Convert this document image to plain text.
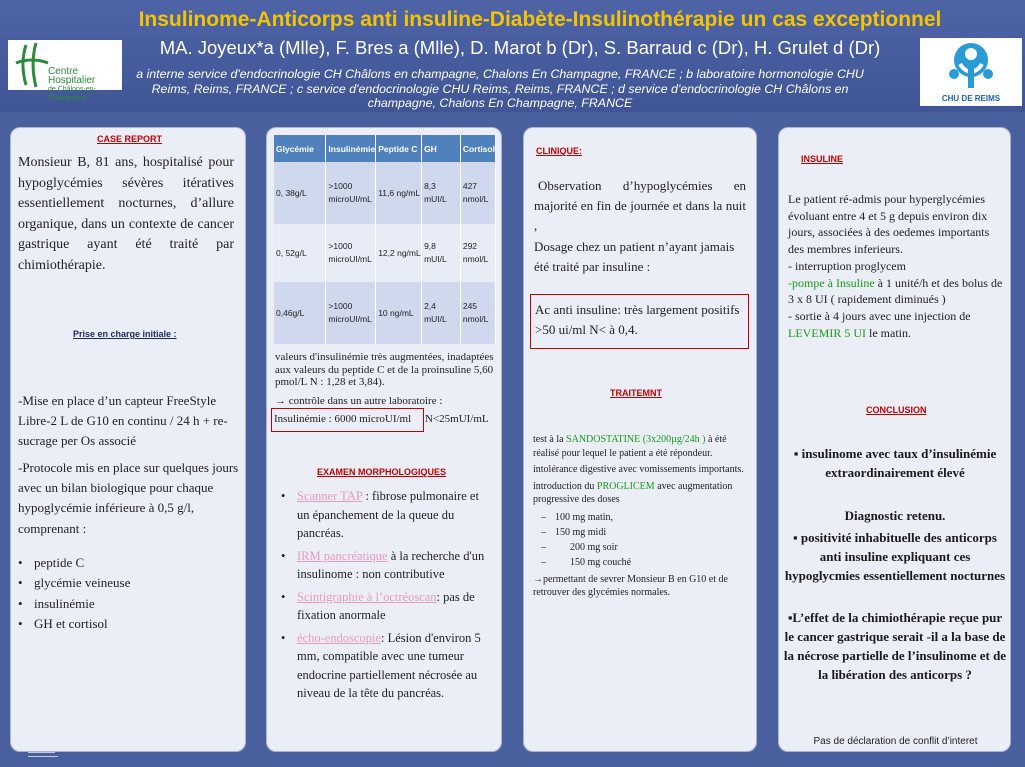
Insulinome-Anticorps anti insuline-Diabète-Insulinothérapie un cas exceptionnel
MA. Joyeux*a (Mlle), F. Bres a (Mlle), D. Marot b (Dr), S. Barraud c (Dr), H. Grulet d (Dr)
a interne service d'endocrinologie CH Châlons en champagne, Chalons En Champagne, FRANCE ; b laboratoire hormonologie CHU Reims, Reims, FRANCE ; c service d'endocrinologie CHU Reims, Reims, FRANCE ; d service d'endocrinologie CH Châlons en champagne, Chalons En Champagne, FRANCE
Centre Hospitalier
de Châlons-en-Champagne	CHU DE REIMS
CASE REPORT
Monsieur B, 81 ans, hospitalisé pour hypoglycémies sévères itératives essentiellement nocturnes, d’allure organique, dans un contexte de cancer gastrique ayant été traité par chimiothérapie.
Prise en charge initiale :
-Mise en place d’un capteur FreeStyle Libre-2 L de G10 en continu / 24 h + re-sucrage per Os associé
-Protocole mis en place sur quelques jours avec un bilan biologique pour chaque hypoglycémie inférieure à 0,5 g/l, comprenant :
• peptide C
• glycémie veineuse
• insulinémie
• GH et cortisol
Glycémie	Insulinémie	Peptide C	GH	Cortisol
0, 38g/L	>1000 microUI/mL	11,6 ng/mL	8,3 mUI/L	427 nmol/L
0, 52g/L	>1000 microUI/mL	12,2 ng/mL	9,8 mUI/L	292 nmol/L
0,46g/L	>1000 microUI/mL	10 ng/mL	2,4 mUI/L	245 nmol/L
valeurs d'insulinémie très augmentées, inadaptées aux valeurs du peptide C et de la proinsuline 5,60 pmol/L N : 1,28 et 3,84).
→ contrôle dans un autre laboratoire :
Insulinémie : 6000 microUI/ml N<25mUI/mL
EXAMEN MORPHOLOGIQUES
• Scanner TAP : fibrose pulmonaire et un épanchement de la queue du pancréas.
• IRM pancréatique à la recherche d'un insulinome : non contributive
• Scintigraphie à l’octréoscan: pas de fixation anormale
• écho-endoscopie: Lésion d'environ 5 mm, compatible avec une tumeur endocrine partiellement nécrosée au niveau de la tête du pancréas.
CLINIQUE:
Observation d’hypoglycémies en majorité en fin de journée et dans la nuit ,
Dosage chez un patient n’ayant jamais été traité par insuline :
Ac anti insuline: très largement positifs >50 ui/ml N< à 0,4.
TRAITEMNT
test à la SANDOSTATINE (3x200µg/24h ) à été réalisé pour lequel le patient a été répondeur.
intolérance digestive avec vomissements importants.
introduction du PROGLICEM avec augmentation progressive des doses
– 100 mg matin,
– 150 mg midi
– 200 mg soir
– 150 mg couché
→permettant de sevrer Monsieur B en G10 et de retrouver des glycémies normales.
INSULINE
Le patient ré-admis pour hyperglycémies évoluant entre 4 et 5 g depuis environ dix jours, associées à des oedemes importants des membres inferieurs.
- interruption proglycem
-pompe à Insuline à 1 unité/h et des bolus de 3 x 8 UI ( rapidement diminués )
- sortie à 4 jours avec une injection de LEVEMIR 5 UI le matin.
CONCLUSION
▪ insulinome avec taux d’insulinémie extraordinairement élevé
Diagnostic retenu.
▪ positivité inhabituelle des anticorps anti insuline expliquant ces hypoglycmies essentiellement nocturnes
▪L’effet de la chimiothérapie reçue pur le cancer gastrique serait -il a la base de la nécrose partielle de l’insulinome et de la libération des anticorps ?
Pas de déclaration de conflit d’interet
▬▬▬▬▬▬▬▬▬
▬▬▬▬▬▬▬▬▬▬
